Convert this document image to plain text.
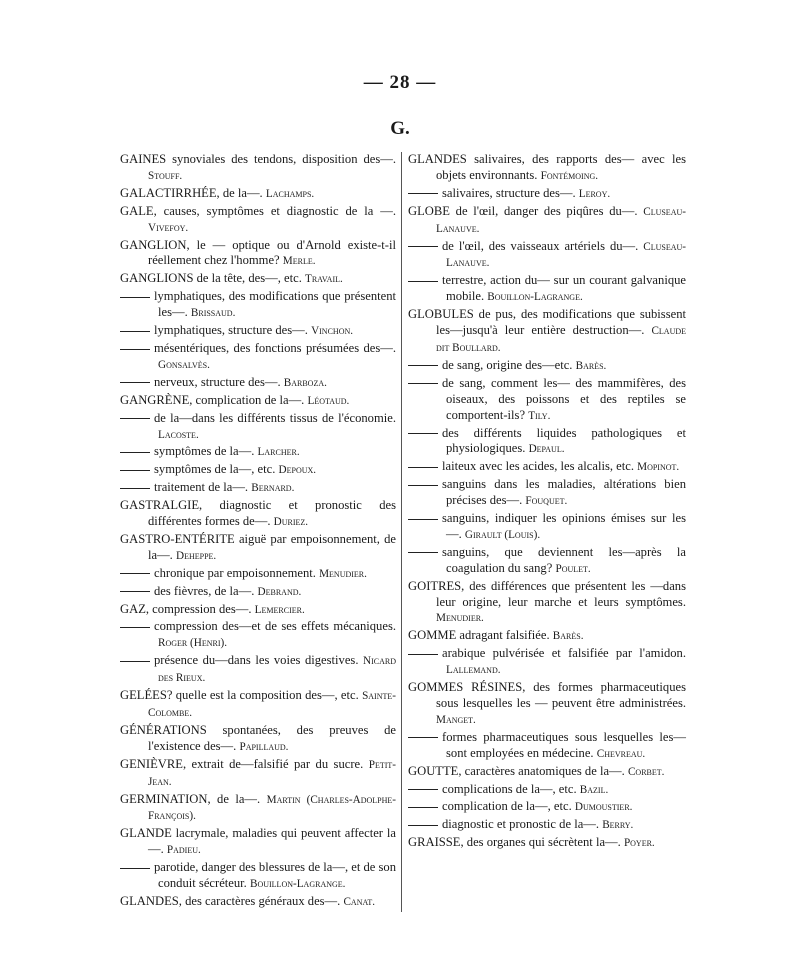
— 28 —
G.

GAINES synoviales des tendons, disposition des—. Stouff.

GALACTIRRHÉE, de la—. Lachamps.

GALE, causes, symptômes et diagnostic de la —. Vivefoy.

GANGLION, le — optique ou d'Arnold existe-t-il réellement chez l'homme? Merle.

GANGLIONS de la tête, des—, etc. Travail.

lymphatiques, des modifications que présentent les—. Brissaud.

lymphatiques, structure des—. Vinchon.

mésentériques, des fonctions présumées des—. Gonsalvès.

nerveux, structure des—. Barboza.

GANGRÈNE, complication de la—. Léotaud.

de la—dans les différents tissus de l'économie. Lacoste.

symptômes de la—. Larcher.

symptômes de la—, etc. Depoux.

traitement de la—. Bernard.

GASTRALGIE, diagnostic et pronostic des différentes formes de—. Duriez.

GASTRO-ENTÉRITE aiguë par empoisonnement, de la—. Deheppe.

chronique par empoisonnement. Menudier.

des fièvres, de la—. Debrand.

GAZ, compression des—. Lemercier.

compression des—et de ses effets mécaniques. Roger (Henri).

présence du—dans les voies digestives. Nicard des Rieux.

GELÉES? quelle est la composition des—, etc. Sainte-Colombe.

GÉNÉRATIONS spontanées, des preuves de l'existence des—. Papillaud.

GENIÈVRE, extrait de—falsifié par du sucre. Petit-Jean.

GERMINATION, de la—. Martin (Charles-Adolphe-François).

GLANDE lacrymale, maladies qui peuvent affecter la—. Padieu.

parotide, danger des blessures de la—, et de son conduit sécréteur. Bouillon-Lagrange.

GLANDES, des caractères généraux des—. Canat.

GLANDES salivaires, des rapports des— avec les objets environnants. Fontémoing.

salivaires, structure des—. Leroy.

GLOBE de l'œil, danger des piqûres du—. Cluseau-Lanauve.

de l'œil, des vaisseaux artériels du—. Cluseau-Lanauve.

terrestre, action du— sur un courant galvanique mobile. Bouillon-Lagrange.

GLOBULES de pus, des modifications que subissent les—jusqu'à leur entière destruction—. Claude dit Boullard.

de sang, origine des—etc. Barès.

de sang, comment les— des mammifères, des oiseaux, des poissons et des reptiles se comportent-ils? Tily.

des différents liquides pathologiques et physiologiques. Depaul.

laiteux avec les acides, les alcalis, etc. Mopinot.

sanguins dans les maladies, altérations bien précises des—. Fouquet.

sanguins, indiquer les opinions émises sur les—. Girault (Louis).

sanguins, que deviennent les—après la coagulation du sang? Poulet.

GOITRES, des différences que présentent les —dans leur origine, leur marche et leurs symptômes. Menudier.

GOMME adragant falsifiée. Barès.

arabique pulvérisée et falsifiée par l'amidon. Lallemand.

GOMMES RÉSINES, des formes pharmaceutiques sous lesquelles les — peuvent être administrées. Manget.

formes pharmaceutiques sous lesquelles les—sont employées en médecine. Chevreau.

GOUTTE, caractères anatomiques de la—. Corbet.

complications de la—, etc. Bazil.

complication de la—, etc. Dumoustier.

diagnostic et pronostic de la—. Berry.

GRAISSE, des organes qui sécrètent la—. Poyer.
